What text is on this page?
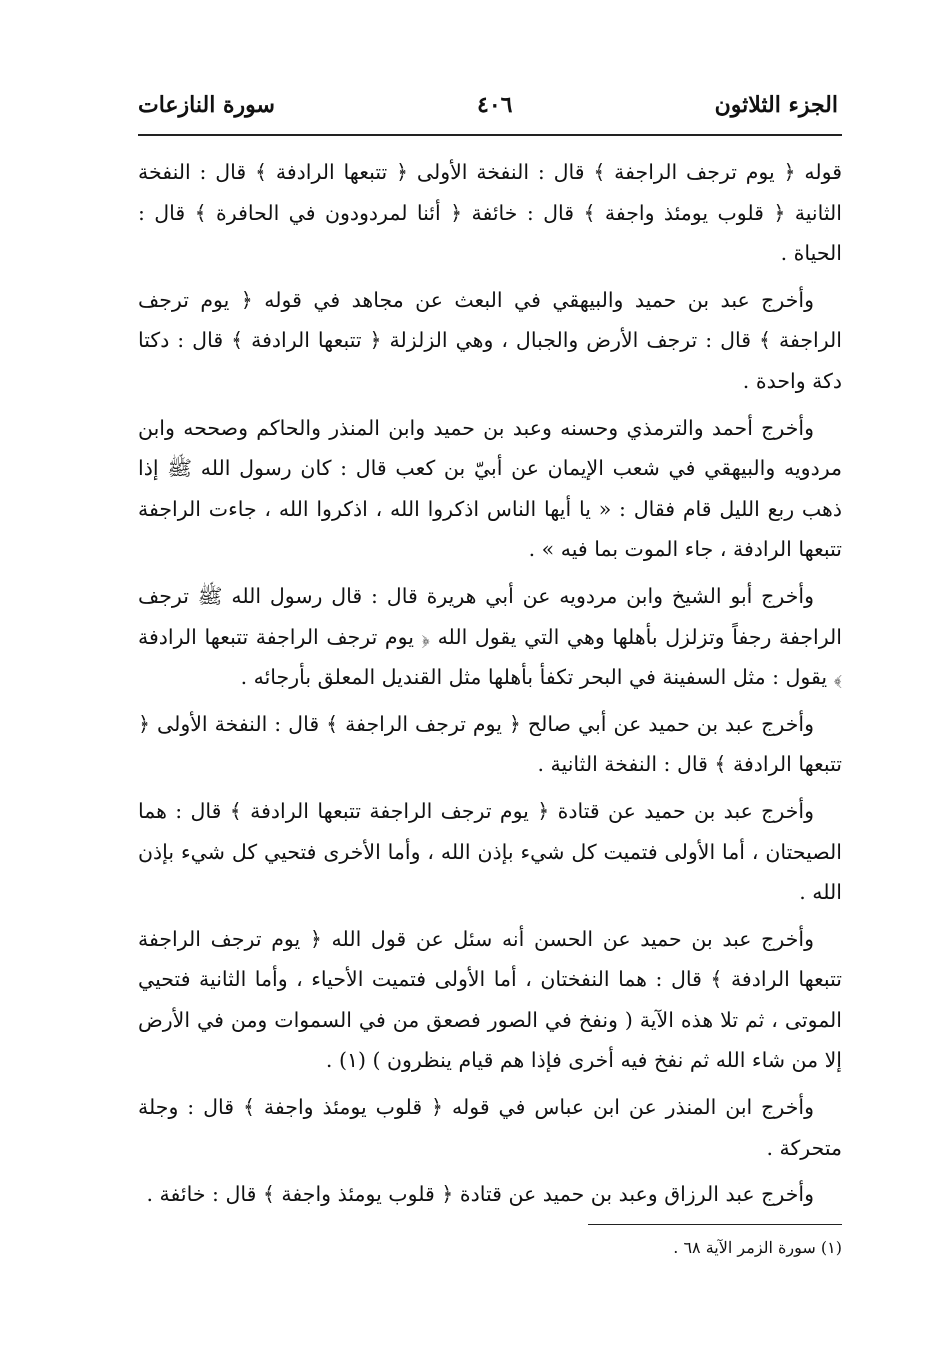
الجزء الثلاثون
٤٠٦
سورة النازعات

قوله ﴿ يوم ترجف الراجفة ﴾ قال : النفخة الأولى ﴿ تتبعها الرادفة ﴾ قال : النفخة الثانية ﴿ قلوب يومئذ واجفة ﴾ قال : خائفة ﴿ أئنا لمردودون في الحافرة ﴾ قال : الحياة .

وأخرج عبد بن حميد والبيهقي في البعث عن مجاهد في قوله ﴿ يوم ترجف الراجفة ﴾ قال : ترجف الأرض والجبال ، وهي الزلزلة ﴿ تتبعها الرادفة ﴾ قال : دكتا دكة واحدة .

وأخرج أحمد والترمذي وحسنه وعبد بن حميد وابن المنذر والحاكم وصححه وابن مردويه والبيهقي في شعب الإيمان عن أبيّ بن كعب قال : كان رسول الله ﷺ إذا ذهب ربع الليل قام فقال : « يا أيها الناس اذكروا الله ، اذكروا الله ، جاءت الراجفة تتبعها الرادفة ، جاء الموت بما فيه » .

وأخرج أبو الشيخ وابن مردويه عن أبي هريرة قال : قال رسول الله ﷺ ترجف الراجفة رجفاً وتزلزل بأهلها وهي التي يقول الله ﴿ يوم ترجف الراجفة تتبعها الرادفة ﴾ يقول : مثل السفينة في البحر تكفأ بأهلها مثل القنديل المعلق بأرجائه .

وأخرج عبد بن حميد عن أبي صالح ﴿ يوم ترجف الراجفة ﴾ قال : النفخة الأولى ﴿ تتبعها الرادفة ﴾ قال : النفخة الثانية .

وأخرج عبد بن حميد عن قتادة ﴿ يوم ترجف الراجفة تتبعها الرادفة ﴾ قال : هما الصيحتان ، أما الأولى فتميت كل شيء بإذن الله ، وأما الأخرى فتحيي كل شيء بإذن الله .

وأخرج عبد بن حميد عن الحسن أنه سئل عن قول الله ﴿ يوم ترجف الراجفة تتبعها الرادفة ﴾ قال : هما النفختان ، أما الأولى فتميت الأحياء ، وأما الثانية فتحيي الموتى ، ثم تلا هذه الآية ( ونفخ في الصور فصعق من في السموات ومن في الأرض إلا من شاء الله ثم نفخ فيه أخرى فإذا هم قيام ينظرون ) (١) .

وأخرج ابن المنذر عن ابن عباس في قوله ﴿ قلوب يومئذ واجفة ﴾ قال : وجلة متحركة .

وأخرج عبد الرزاق وعبد بن حميد عن قتادة ﴿ قلوب يومئذ واجفة ﴾ قال : خائفة .

(١) سورة الزمر الآية ٦٨ .
